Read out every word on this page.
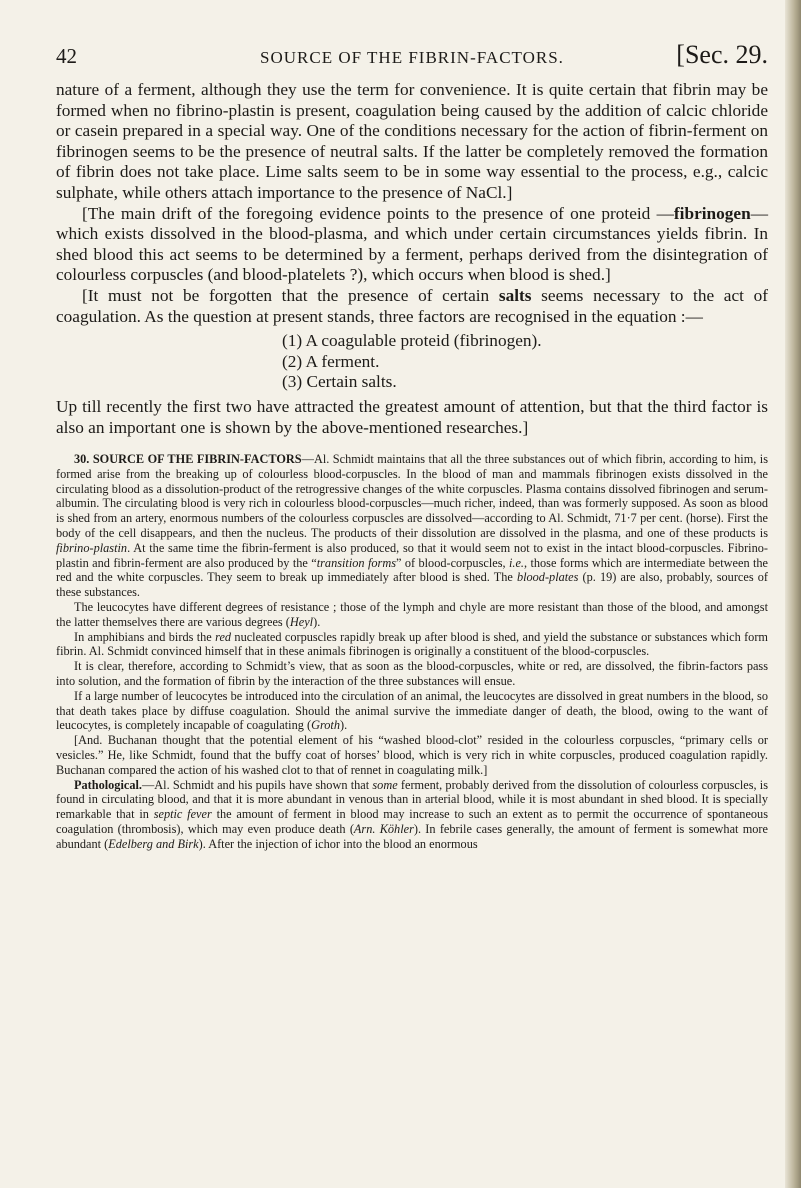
42	SOURCE OF THE FIBRIN-FACTORS.	[Sec. 29.

nature of a ferment, although they use the term for convenience. It is quite certain that fibrin may be formed when no fibrino-plastin is present, coagulation being caused by the addition of calcic chloride or casein prepared in a special way. One of the conditions necessary for the action of fibrin-ferment on fibrinogen seems to be the presence of neutral salts. If the latter be completely removed the formation of fibrin does not take place. Lime salts seem to be in some way essential to the process, e.g., calcic sulphate, while others attach importance to the presence of NaCl.]

[The main drift of the foregoing evidence points to the presence of one proteid —fibrinogen—which exists dissolved in the blood-plasma, and which under certain circumstances yields fibrin. In shed blood this act seems to be determined by a ferment, perhaps derived from the disintegration of colourless corpuscles (and blood-platelets ?), which occurs when blood is shed.]

[It must not be forgotten that the presence of certain salts seems necessary to the act of coagulation. As the question at present stands, three factors are recognised in the equation :—

(1) A coagulable proteid (fibrinogen).
(2) A ferment.
(3) Certain salts.

Up till recently the first two have attracted the greatest amount of attention, but that the third factor is also an important one is shown by the above-mentioned researches.]

30. SOURCE OF THE FIBRIN-FACTORS—Al. Schmidt maintains that all the three substances out of which fibrin, according to him, is formed arise from the breaking up of colourless blood-corpuscles. In the blood of man and mammals fibrinogen exists dissolved in the circulating blood as a dissolution-product of the retrogressive changes of the white corpuscles. Plasma contains dissolved fibrinogen and serum-albumin. The circulating blood is very rich in colourless blood-corpuscles—much richer, indeed, than was formerly supposed. As soon as blood is shed from an artery, enormous numbers of the colourless corpuscles are dissolved—according to Al. Schmidt, 71·7 per cent. (horse). First the body of the cell disappears, and then the nucleus. The products of their dissolution are dissolved in the plasma, and one of these products is fibrino-plastin. At the same time the fibrin-ferment is also produced, so that it would seem not to exist in the intact blood-corpuscles. Fibrino-plastin and fibrin-ferment are also produced by the “transition forms” of blood-corpuscles, i.e., those forms which are intermediate between the red and the white corpuscles. They seem to break up immediately after blood is shed. The blood-plates (p. 19) are also, probably, sources of these substances.

The leucocytes have different degrees of resistance ; those of the lymph and chyle are more resistant than those of the blood, and amongst the latter themselves there are various degrees (Heyl).

In amphibians and birds the red nucleated corpuscles rapidly break up after blood is shed, and yield the substance or substances which form fibrin. Al. Schmidt convinced himself that in these animals fibrinogen is originally a constituent of the blood-corpuscles.

It is clear, therefore, according to Schmidt’s view, that as soon as the blood-corpuscles, white or red, are dissolved, the fibrin-factors pass into solution, and the formation of fibrin by the interaction of the three substances will ensue.

If a large number of leucocytes be introduced into the circulation of an animal, the leucocytes are dissolved in great numbers in the blood, so that death takes place by diffuse coagulation. Should the animal survive the immediate danger of death, the blood, owing to the want of leucocytes, is completely incapable of coagulating (Groth).

[And. Buchanan thought that the potential element of his “washed blood-clot” resided in the colourless corpuscles, “primary cells or vesicles.” He, like Schmidt, found that the buffy coat of horses’ blood, which is very rich in white corpuscles, produced coagulation rapidly. Buchanan compared the action of his washed clot to that of rennet in coagulating milk.]

Pathological.—Al. Schmidt and his pupils have shown that some ferment, probably derived from the dissolution of colourless corpuscles, is found in circulating blood, and that it is more abundant in venous than in arterial blood, while it is most abundant in shed blood. It is specially remarkable that in septic fever the amount of ferment in blood may increase to such an extent as to permit the occurrence of spontaneous coagulation (thrombosis), which may even produce death (Arn. Köhler). In febrile cases generally, the amount of ferment is somewhat more abundant (Edelberg and Birk). After the injection of ichor into the blood an enormous
